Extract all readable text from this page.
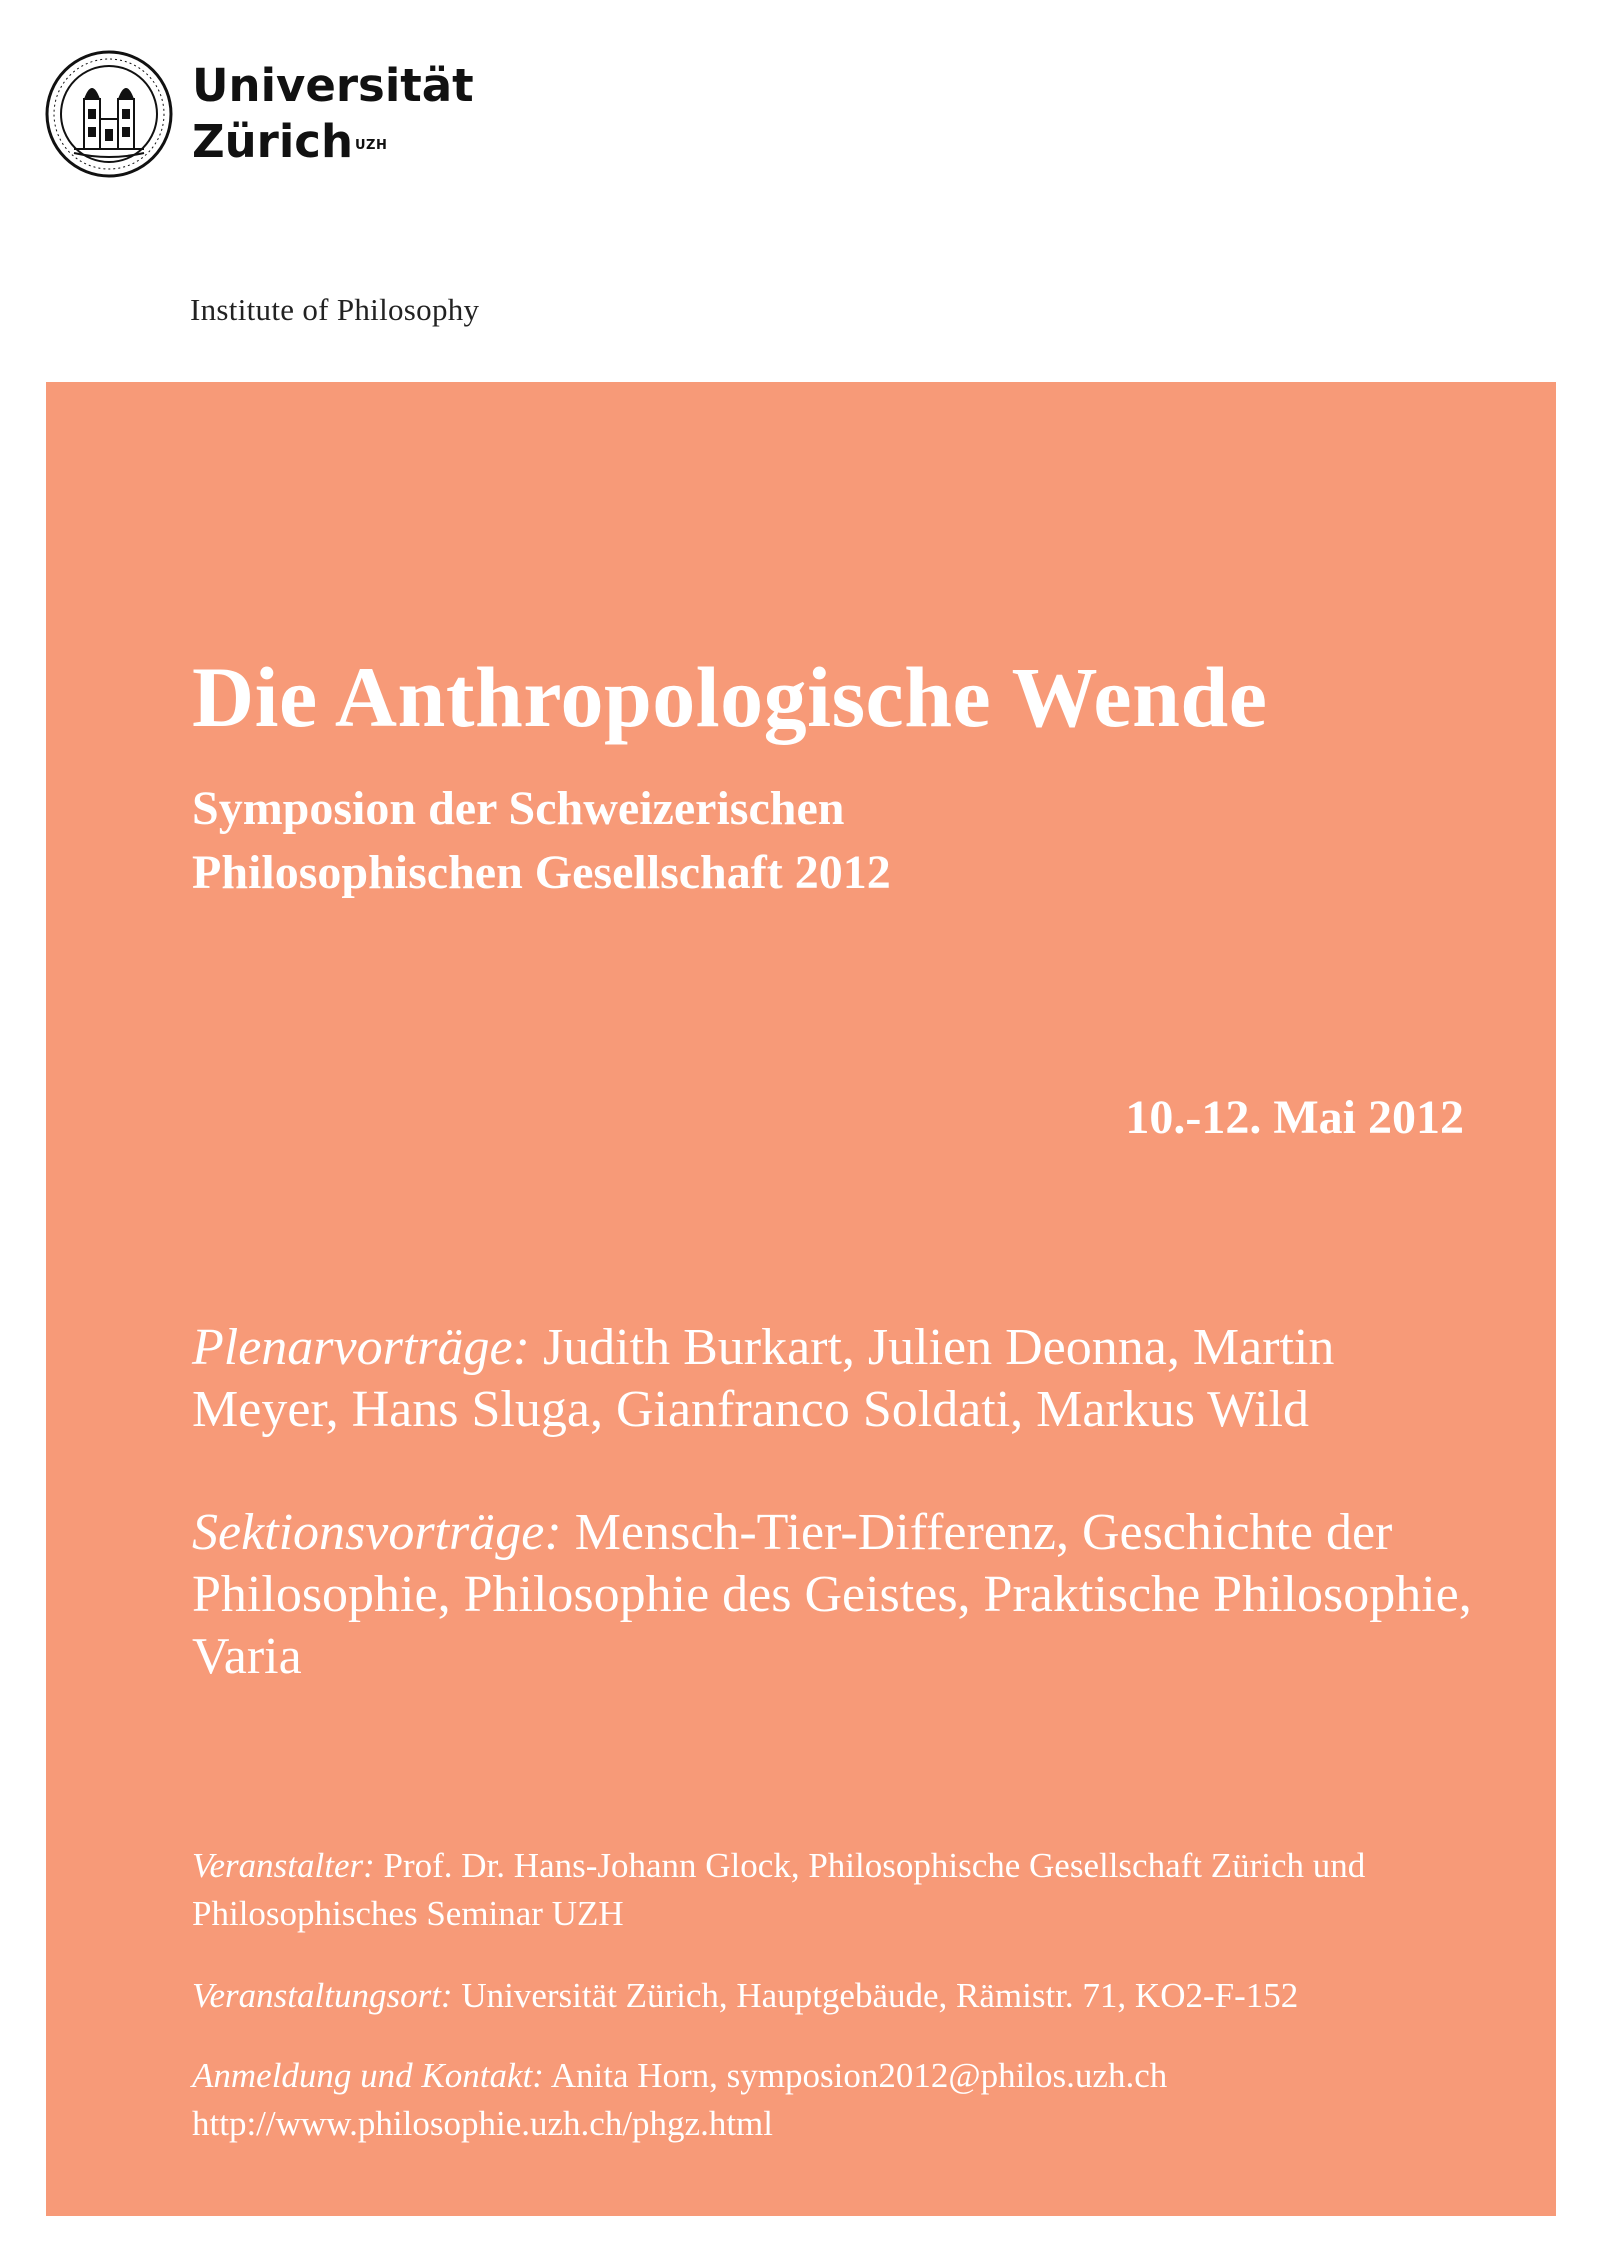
Universität
Zürich $^{UZH}$
Institute of Philosophy
Die Anthropologische Wende
Symposion der Schweizerischen
Philosophischen Gesellschaft 2012
10.-12. Mai 2012
Plenarvorträge: Judith Burkart, Julien Deonna, Martin Meyer, Hans Sluga, Gianfranco Soldati, Markus Wild
Sektionsvorträge: Mensch-Tier-Differenz, Geschichte der Philosophie, Philosophie des Geistes, Praktische Philosophie, Varia
Veranstalter: Prof. Dr. Hans-Johann Glock, Philosophische Gesellschaft Zürich und Philosophisches Seminar UZH
Veranstaltungsort: Universität Zürich, Hauptgebäude, Rämistr. 71, KO2-F-152
Anmeldung und Kontakt: Anita Horn, symposion2012@philos.uzh.ch
http://www.philosophie.uzh.ch/phgz.html
